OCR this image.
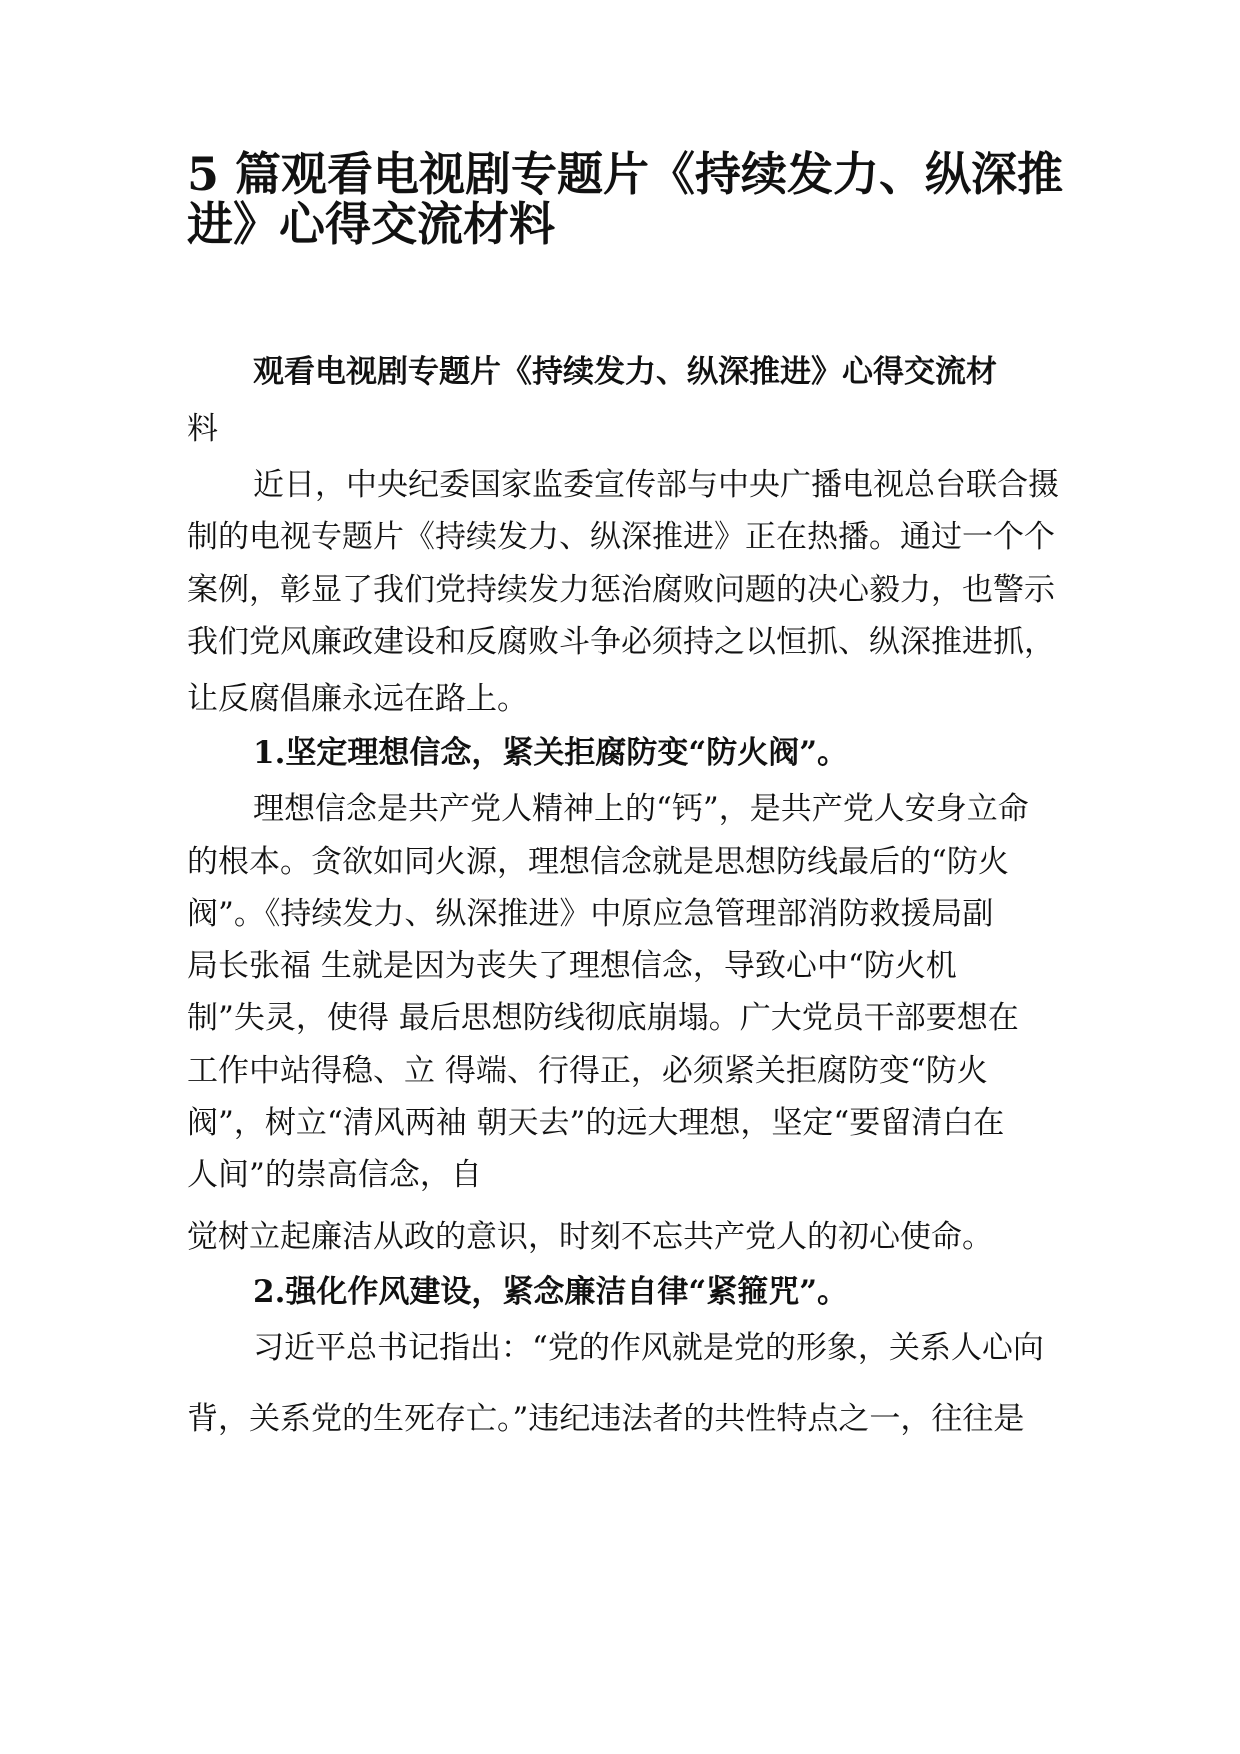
5 篇观看电视剧专题片《持续发力、纵深推
进》心得交流材料
观看电视剧专题片《持续发力、纵深推进》心得交流材
料
近日，中央纪委国家监委宣传部与中央广播电视总台联合摄
制的电视专题片《持续发力、纵深推进》正在热播。通过一个个
案例，彰显了我们党持续发力惩治腐败问题的决心毅力，也警示
我们党风廉政建设和反腐败斗争必须持之以恒抓、纵深推进抓，
让反腐倡廉永远在路上。
1.坚定理想信念，紧关拒腐防变“防火阀”。
理想信念是共产党人精神上的“钙”，是共产党人安身立命
的根本。贪欲如同火源，理想信念就是思想防线最后的“防火
阀”。《持续发力、纵深推进》中原应急管理部消防救援局副
局长张福 生就是因为丧失了理想信念，导致心中“防火机
制”失灵，使得 最后思想防线彻底崩塌。广大党员干部要想在
工作中站得稳、立 得端、行得正，必须紧关拒腐防变“防火
阀”，树立“清风两袖 朝天去”的远大理想，坚定“要留清白在
人间”的崇高信念，自
觉树立起廉洁从政的意识，时刻不忘共产党人的初心使命。
2.强化作风建设，紧念廉洁自律“紧箍咒”。
习近平总书记指出：“党的作风就是党的形象，关系人心向
背，关系党的生死存亡。”违纪违法者的共性特点之一，往往是
